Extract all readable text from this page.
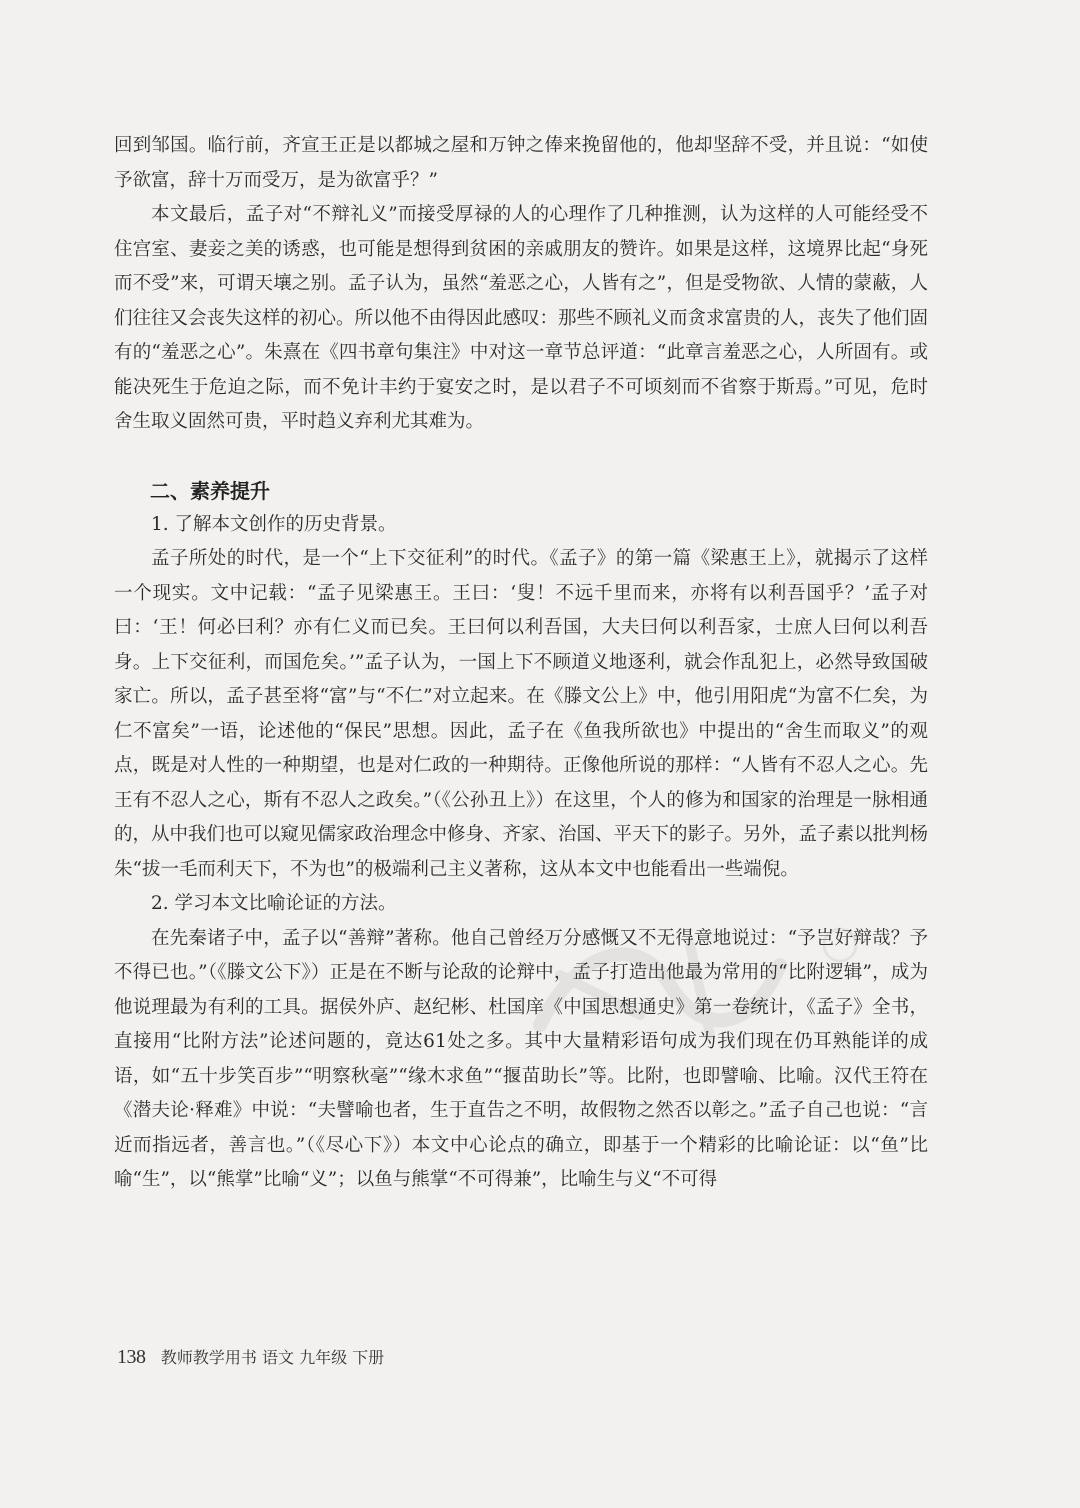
回到邹国。临行前，齐宣王正是以都城之屋和万钟之俸来挽留他的，他却坚辞不受，并且说：“如使予欲富，辞十万而受万，是为欲富乎？”

本文最后，孟子对“不辩礼义”而接受厚禄的人的心理作了几种推测，认为这样的人可能经受不住宫室、妻妾之美的诱惑，也可能是想得到贫困的亲戚朋友的赞许。如果是这样，这境界比起“身死而不受”来，可谓天壤之别。孟子认为，虽然“羞恶之心，人皆有之”，但是受物欲、人情的蒙蔽，人们往往又会丧失这样的初心。所以他不由得因此感叹：那些不顾礼义而贪求富贵的人，丧失了他们固有的“羞恶之心”。朱熹在《四书章句集注》中对这一章节总评道：“此章言羞恶之心，人所固有。或能决死生于危迫之际，而不免计丰约于宴安之时，是以君子不可顷刻而不省察于斯焉。”可见，危时舍生取义固然可贵，平时趋义弃利尤其难为。

二、素养提升

1. 了解本文创作的历史背景。

孟子所处的时代，是一个“上下交征利”的时代。《孟子》的第一篇《梁惠王上》，就揭示了这样一个现实。文中记载：“孟子见梁惠王。王曰：‘叟！不远千里而来，亦将有以利吾国乎？’孟子对曰：‘王！何必曰利？亦有仁义而已矣。王曰何以利吾国，大夫曰何以利吾家，士庶人曰何以利吾身。上下交征利，而国危矣。’”孟子认为，一国上下不顾道义地逐利，就会作乱犯上，必然导致国破家亡。所以，孟子甚至将“富”与“不仁”对立起来。在《滕文公上》中，他引用阳虎“为富不仁矣，为仁不富矣”一语，论述他的“保民”思想。因此，孟子在《鱼我所欲也》中提出的“舍生而取义”的观点，既是对人性的一种期望，也是对仁政的一种期待。正像他所说的那样：“人皆有不忍人之心。先王有不忍人之心，斯有不忍人之政矣。”（《公孙丑上》）在这里，个人的修为和国家的治理是一脉相通的，从中我们也可以窥见儒家政治理念中修身、齐家、治国、平天下的影子。另外，孟子素以批判杨朱“拔一毛而利天下，不为也”的极端利己主义著称，这从本文中也能看出一些端倪。

2. 学习本文比喻论证的方法。

在先秦诸子中，孟子以“善辩”著称。他自己曾经万分感慨又不无得意地说过：“予岂好辩哉？予不得已也。”（《滕文公下》）正是在不断与论敌的论辩中，孟子打造出他最为常用的“比附逻辑”，成为他说理最为有利的工具。据侯外庐、赵纪彬、杜国庠《中国思想通史》第一卷统计，《孟子》全书，直接用“比附方法”论述问题的，竟达61处之多。其中大量精彩语句成为我们现在仍耳熟能详的成语，如“五十步笑百步”“明察秋毫”“缘木求鱼”“揠苗助长”等。比附，也即譬喻、比喻。汉代王符在《潜夫论·释难》中说：“夫譬喻也者，生于直告之不明，故假物之然否以彰之。”孟子自己也说：“言近而指远者，善言也。”（《尽心下》）本文中心论点的确立，即基于一个精彩的比喻论证：以“鱼”比喻“生”，以“熊掌”比喻“义”；以鱼与熊掌“不可得兼”，比喻生与义“不可得

138 教师教学用书 语文 九年级 下册
